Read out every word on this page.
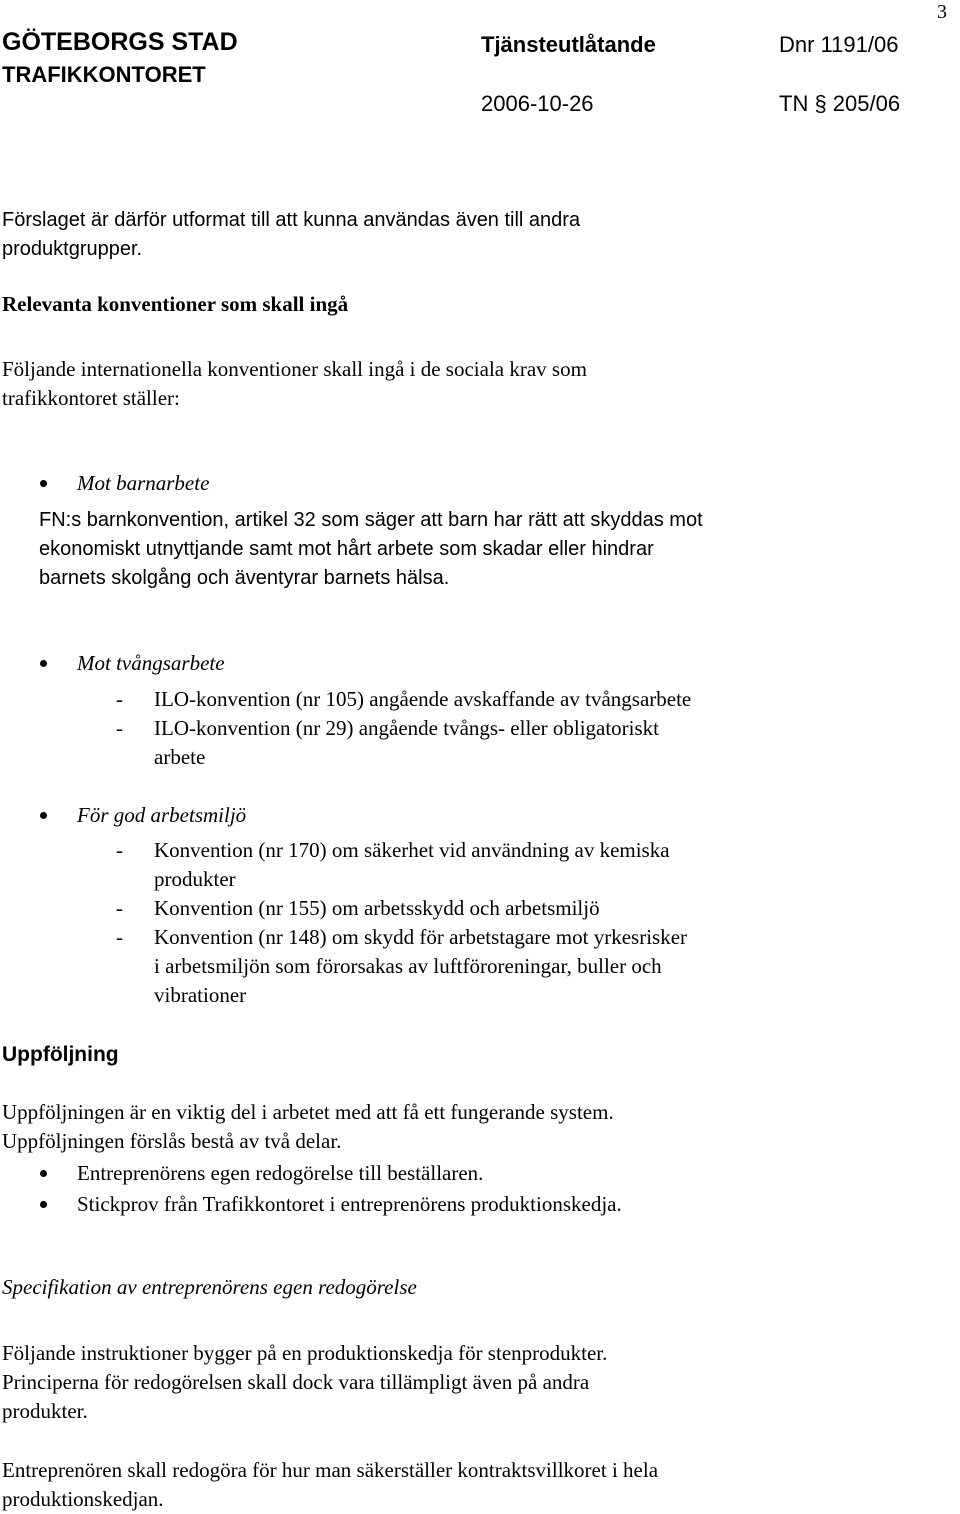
3
GÖTEBORGS STAD
TRAFIKKONTORET
Tjänsteutlåtande
2006-10-26
Dnr 1191/06
TN § 205/06
Förslaget är därför utformat till att kunna användas även till andra
produktgrupper.
Relevanta konventioner som skall ingå
Följande internationella konventioner skall ingå i de sociala krav som
trafikkontoret ställer:
Mot barnarbete
FN:s barnkonvention, artikel 32 som säger att barn har rätt att skyddas mot
ekonomiskt utnyttjande samt mot hårt arbete som skadar eller hindrar
barnets skolgång och äventyrar barnets hälsa.
Mot tvångsarbete
- ILO-konvention (nr 105) angående avskaffande av tvångsarbete
- ILO-konvention (nr 29) angående tvångs- eller obligatoriskt
arbete
För god arbetsmiljö
- Konvention (nr 170) om säkerhet vid användning av kemiska
produkter
- Konvention (nr 155) om arbetsskydd och arbetsmiljö
- Konvention (nr 148) om skydd för arbetstagare mot yrkesrisker
i arbetsmiljön som förorsakas av luftföroreningar, buller och
vibrationer
Uppföljning
Uppföljningen är en viktig del i arbetet med att få ett fungerande system.
Uppföljningen förslås bestå av två delar.
Entreprenörens egen redogörelse till beställaren.
Stickprov från Trafikkontoret i entreprenörens produktionskedja.
Specifikation av entreprenörens egen redogörelse
Följande instruktioner bygger på en produktionskedja för stenprodukter.
Principerna för redogörelsen skall dock vara tillämpligt även på andra
produkter.
Entreprenören skall redogöra för hur man säkerställer kontraktsvillkoret i hela
produktionskedjan.
